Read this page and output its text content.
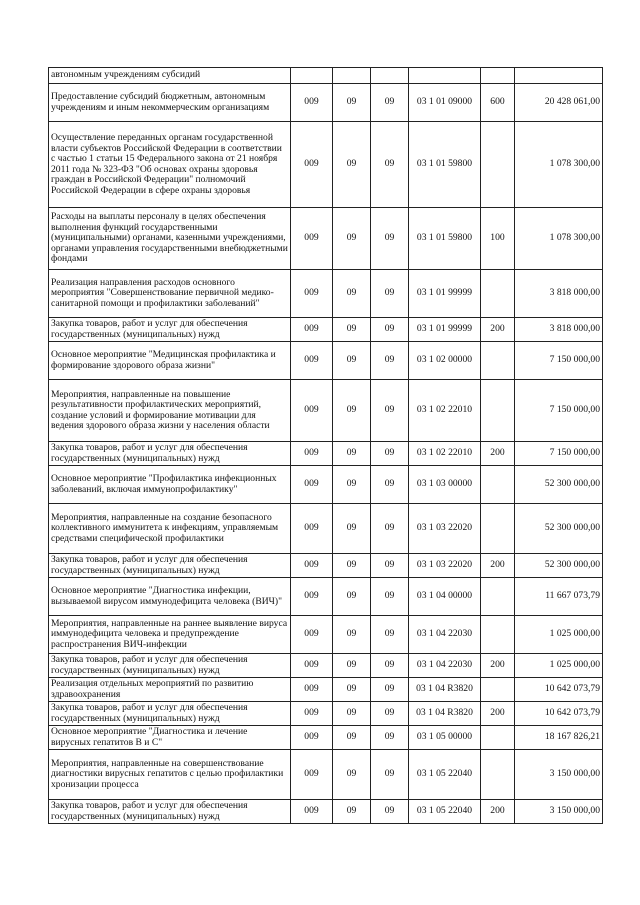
автономным учреждениям субсидий						
Предоставление субсидий бюджетным, автономным учреждениям и иным некоммерческим организациям	009	09	09	03 1 01 09000	600	20 428 061,00
Осуществление переданных органам государственной власти субъектов Российской Федерации в соответствии с частью 1 статьи 15 Федерального закона от 21 ноября 2011 года № 323-ФЗ "Об основах охраны здоровья граждан в Российской Федерации" полномочий Российской Федерации в сфере охраны здоровья	009	09	09	03 1 01 59800		1 078 300,00
Расходы на выплаты персоналу в целях обеспечения выполнения функций государственными (муниципальными) органами, казенными учреждениями, органами управления государственными внебюджетными фондами	009	09	09	03 1 01 59800	100	1 078 300,00
Реализация направления расходов основного мероприятия "Совершенствование первичной медико-санитарной помощи и профилактики заболеваний"	009	09	09	03 1 01 99999		3 818 000,00
Закупка товаров, работ и услуг для обеспечения государственных (муниципальных) нужд	009	09	09	03 1 01 99999	200	3 818 000,00
Основное мероприятие "Медицинская профилактика и формирование здорового образа жизни"	009	09	09	03 1 02 00000		7 150 000,00
Мероприятия, направленные на повышение результативности профилактических мероприятий, создание условий и формирование мотивации для ведения здорового образа жизни у населения области	009	09	09	03 1 02 22010		7 150 000,00
Закупка товаров, работ и услуг для обеспечения государственных (муниципальных) нужд	009	09	09	03 1 02 22010	200	7 150 000,00
Основное мероприятие "Профилактика инфекционных заболеваний, включая иммунопрофилактику"	009	09	09	03 1 03 00000		52 300 000,00
Мероприятия, направленные на создание безопасного коллективного иммунитета к инфекциям, управляемым средствами специфической профилактики	009	09	09	03 1 03 22020		52 300 000,00
Закупка товаров, работ и услуг для обеспечения государственных (муниципальных) нужд	009	09	09	03 1 03 22020	200	52 300 000,00
Основное мероприятие "Диагностика инфекции, вызываемой вирусом иммунодефицита человека (ВИЧ)"	009	09	09	03 1 04 00000		11 667 073,79
Мероприятия, направленные на раннее выявление вируса иммунодефицита человека и предупреждение распространения ВИЧ-инфекции	009	09	09	03 1 04 22030		1 025 000,00
Закупка товаров, работ и услуг для обеспечения государственных (муниципальных) нужд	009	09	09	03 1 04 22030	200	1 025 000,00
Реализация отдельных мероприятий по развитию здравоохранения	009	09	09	03 1 04 R3820		10 642 073,79
Закупка товаров, работ и услуг для обеспечения государственных (муниципальных) нужд	009	09	09	03 1 04 R3820	200	10 642 073,79
Основное мероприятие "Диагностика и лечение вирусных гепатитов В и С"	009	09	09	03 1 05 00000		18 167 826,21
Мероприятия, направленные на совершенствование диагностики вирусных гепатитов с целью профилактики хронизации процесса	009	09	09	03 1 05 22040		3 150 000,00
Закупка товаров, работ и услуг для обеспечения государственных (муниципальных) нужд	009	09	09	03 1 05 22040	200	3 150 000,00
